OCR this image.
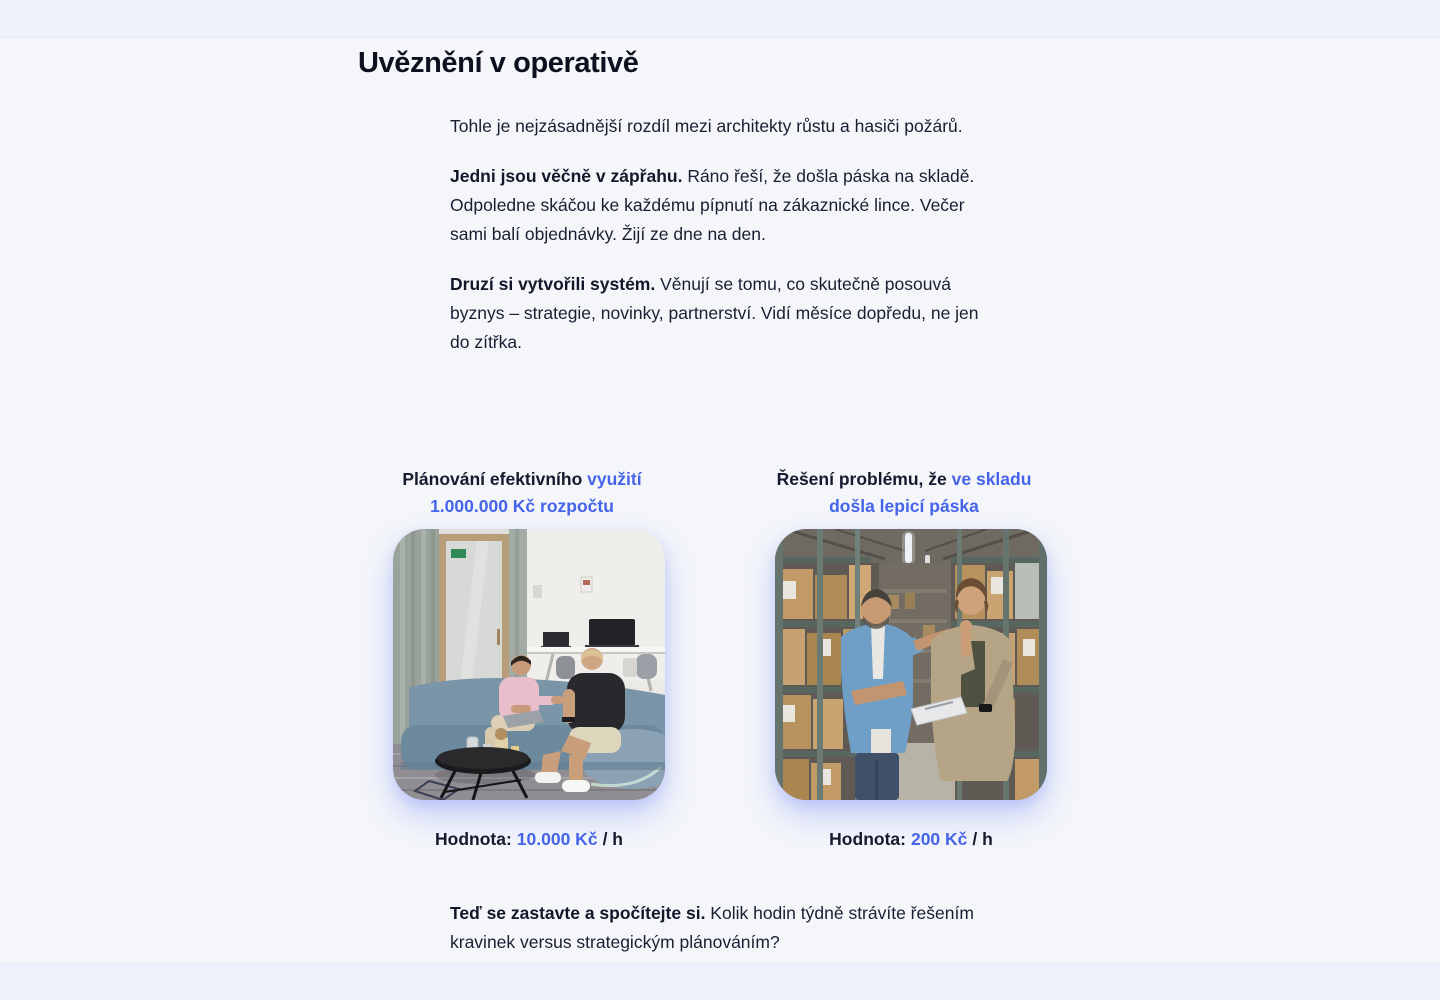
Uvěznění v operativě

Tohle je nejzásadnější rozdíl mezi architekty růstu a hasiči požárů.

Jedni jsou věčně v zápřahu. Ráno řeší, že došla páska na skladě. Odpoledne skáčou ke každému pípnutí na zákaznické lince. Večer sami balí objednávky. Žijí ze dne na den.

Druzí si vytvořili systém. Věnují se tomu, co skutečně posouvá byznys – strategie, novinky, partnerství. Vidí měsíce dopředu, ne jen do zítřka.

Plánování efektivního využití 1.000.000 Kč rozpočtu
Hodnota: 10.000 Kč / h
Řešení problému, že ve skladu došla lepicí páska
Hodnota: 200 Kč / h

Teď se zastavte a spočítejte si. Kolik hodin týdně strávíte řešením kravinek versus strategickým plánováním?
